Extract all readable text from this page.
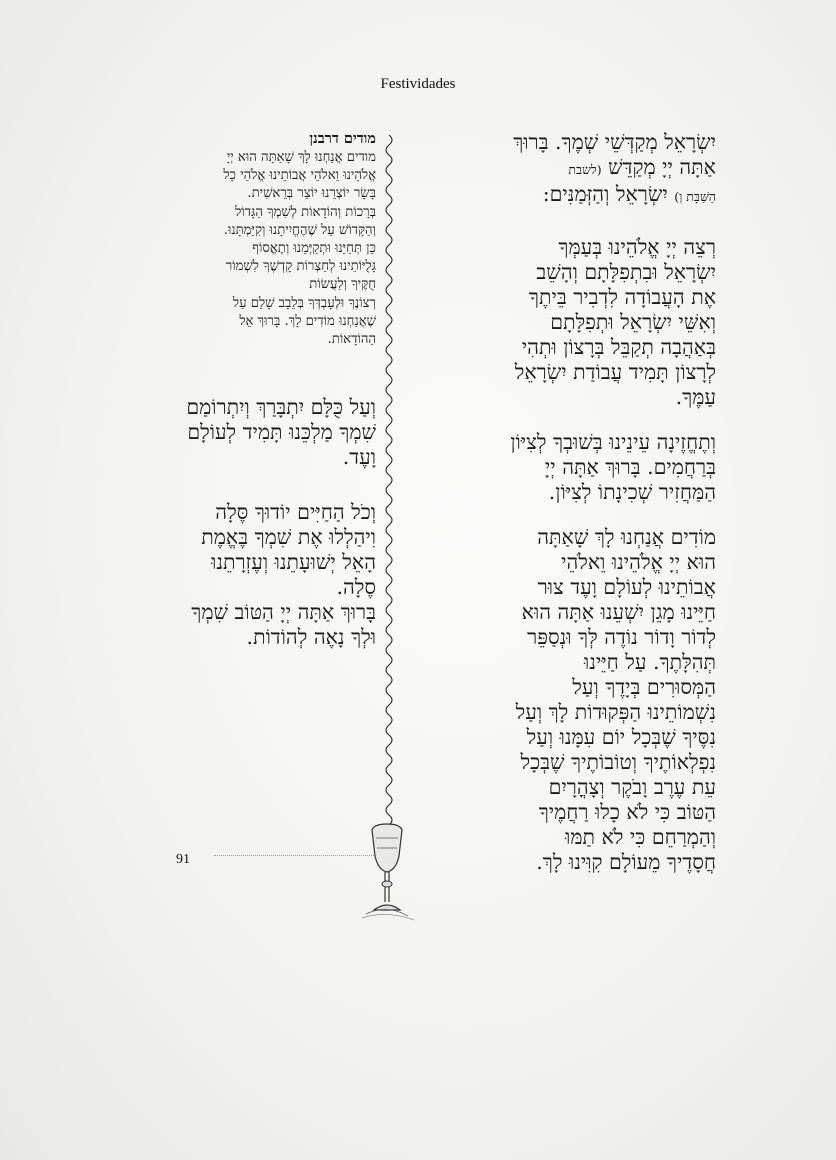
Festividades
מודים דרבנן
מודים אֲנַחְנוּ לָךְ שָׁאַתָּה הוּא יְיָ
אֱלֹהֵינוּ וֵאלֹהֵי אֲבוֹתֵינוּ אֱלֹהֵי כָל
בָּשָׂר יוֹצְרֵנוּ יוֹצֵר בְּרֵאשִׁית.
בְּרָכוֹת וְהוֹדָאוֹת לְשִׁמְךָ הַגָּדוֹל
וְהַקָּדוֹשׁ עַל שֶׁהֶחֱיִיתָנוּ וְקִיַּמְתָּנוּ.
כֵּן תְּחַיֵּנוּ וּתְקַיְּמֵנוּ וְתֶאֱסוֹף
גָּלֻיּוֹתֵינוּ לְחַצְרוֹת קָדְשֶׁךָ לִשְׁמוֹר
חֻקֶּיךָ וְלַעֲשׂוֹת
רְצוֹנֶךָ וּלְעָבְדְּךָ בְּלֵבָב שָׁלֵם עַל
שֶׁאֲנַחְנוּ מוֹדִים לָךְ. בָּרוּךְ אֵל
הַהוֹדָאוֹת.
וְעַל כֻּלָּם יִתְבָּרַךְ וְיִתְרוֹמַם
שִׁמְךָ מַלְכֵּנוּ תָּמִיד לְעוֹלָם
וָעֶד.
וְכֹל הַחַיִּים יוֹדוּךָ סֶּלָה
וִיהַלְלוּ אֶת שִׁמְךָ בֶּאֱמֶת
הָאֵל יְשׁוּעָתֵנוּ וְעֶזְרָתֵנוּ
סֶלָה.
בָּרוּךְ אַתָּה יְיָ הַטּוֹב שִׁמְךָ
וּלְךָ נָאֶה לְהוֹדוֹת.
יִשְׂרָאֵל מְקַדְּשֵׁי שְׁמֶךָ. בָּרוּךְ
אַתָּה יְיָ מְקַדֵּשׁ (לשבת
הַשַּׁבָּת וְ) יִשְׂרָאֵל וְהַזְּמַנִּים:
רְצֵה יְיָ אֱלֹהֵינוּ בְּעַמְּךָ
יִשְׂרָאֵל וּבִתְפִלָּתָם וְהָשֵׁב
אֶת הָעֲבוֹדָה לִדְבִיר בֵּיתֶךָ
וְאִשֵּׁי יִשְׂרָאֵל וּתְפִלָּתָם
בְּאַהֲבָה תְקַבֵּל בְּרָצוֹן וּתְהִי
לְרָצוֹן תָּמִיד עֲבוֹדַת יִשְׂרָאֵל
עַמֶּךָ.
וְתֶחֱזֶינָה עֵינֵינוּ בְּשׁוּבְךָ לְצִיּוֹן
בְּרַחֲמִים. בָּרוּךְ אַתָּה יְיָ
הַמַּחֲזִיר שְׁכִינָתוֹ לְצִיּוֹן.
מוֹדִים אֲנַחְנוּ לָךְ שָׁאַתָּה
הוּא יְיָ אֱלֹהֵינוּ וֵאלֹהֵי
אֲבוֹתֵינוּ לְעוֹלָם וָעֶד צוּר
חַיֵּינוּ מָגֵן יִשְׁעֵנוּ אַתָּה הוּא
לְדוֹר וָדוֹר נוֹדֶה לְּךָ וּנְסַפֵּר
תְּהִלָּתֶךָ. עַל חַיֵּינוּ
הַמְּסוּרִים בְּיָדֶךָ וְעַל
נִשְׁמוֹתֵינוּ הַפְּקוּדוֹת לָךְ וְעַל
נִסֶּיךָ שֶׁבְּכָל יוֹם עִמָּנוּ וְעַל
נִפְלְאוֹתֶיךָ וְטוֹבוֹתֶיךָ שֶׁבְּכָל
עֵת עֶרֶב וָבֹקֶר וְצָהֳרָיִם
הַטּוֹב כִּי לֹא כָלוּ רַחֲמֶיךָ
וְהַמְרַחֵם כִּי לֹא תַמּוּ
חֲסָדֶיךָ מֵעוֹלָם קִוִּינוּ לָךְ.
91
